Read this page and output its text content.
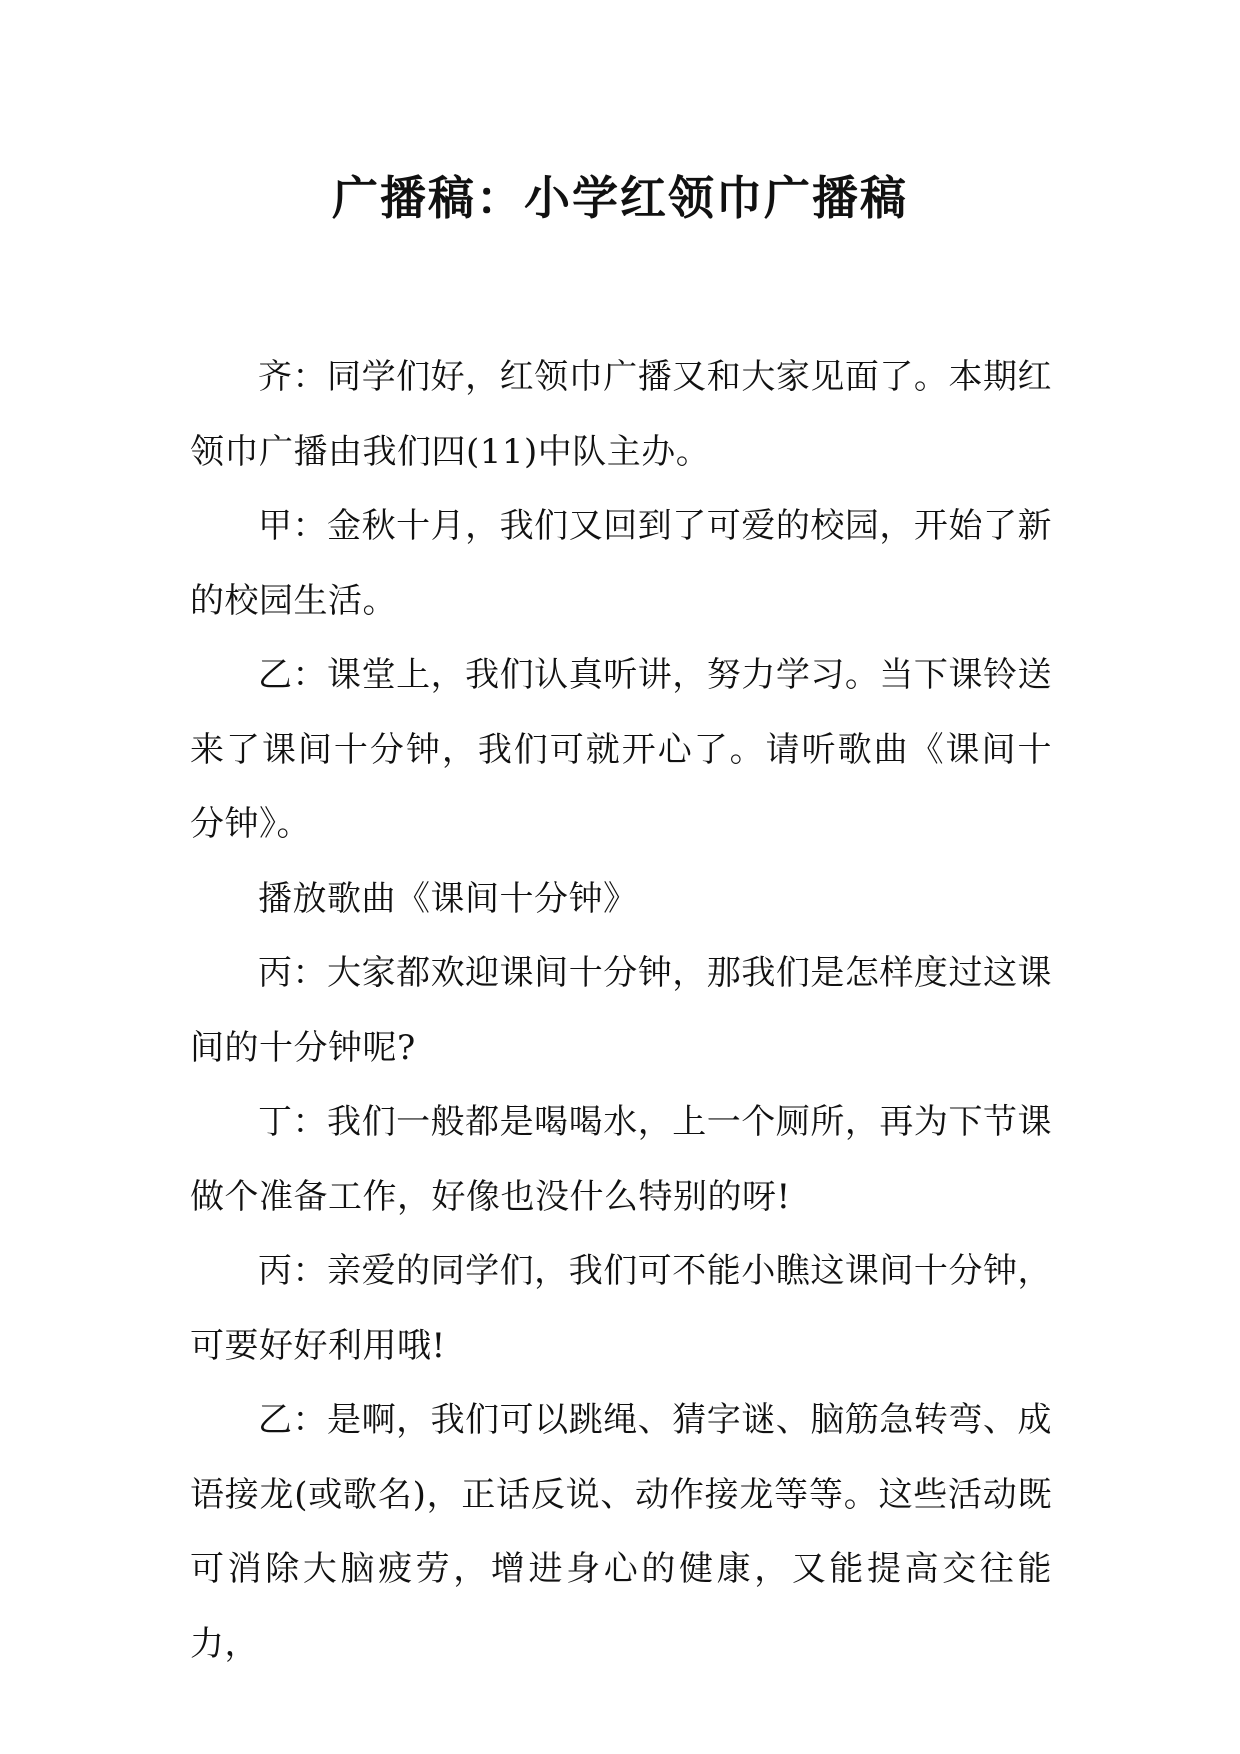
广播稿：小学红领巾广播稿

齐：同学们好，红领巾广播又和大家见面了。本期红领巾广播由我们四(11)中队主办。

甲：金秋十月，我们又回到了可爱的校园，开始了新的校园生活。

乙：课堂上，我们认真听讲，努力学习。当下课铃送来了课间十分钟，我们可就开心了。请听歌曲《课间十分钟》。

播放歌曲《课间十分钟》

丙：大家都欢迎课间十分钟，那我们是怎样度过这课间的十分钟呢?

丁：我们一般都是喝喝水，上一个厕所，再为下节课做个准备工作，好像也没什么特别的呀!

丙：亲爱的同学们，我们可不能小瞧这课间十分钟，可要好好利用哦!

乙：是啊，我们可以跳绳、猜字谜、脑筋急转弯、成语接龙(或歌名)，正话反说、动作接龙等等。这些活动既可消除大脑疲劳，增进身心的健康，又能提高交往能力，
